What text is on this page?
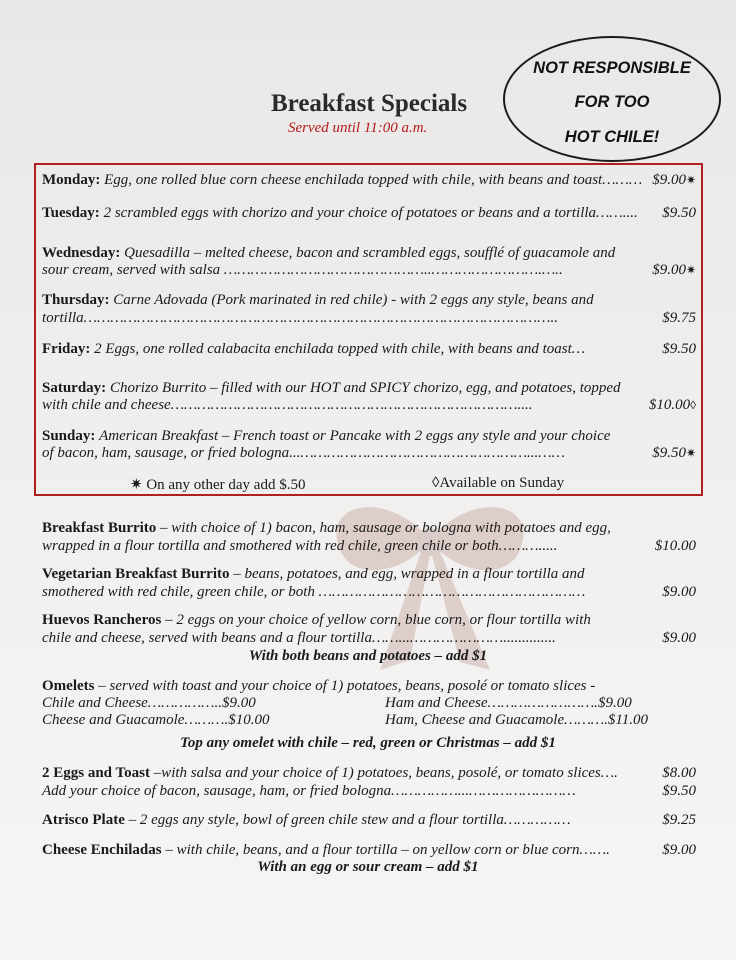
Breakfast Specials
Served until 11:00 a.m.
NOT RESPONSIBLE
FOR TOO
HOT CHILE!
Monday: Egg, one rolled blue corn cheese enchilada topped with chile, with beans and toast……… $9.00✷
Tuesday: 2 scrambled eggs with chorizo and your choice of potatoes or beans and a tortilla…….... $9.50
Wednesday: Quesadilla – melted cheese, bacon and scrambled eggs, soufflé of guacamole and
sour cream, served with salsa ………………………………………..…………………….…..	$9.00✷
Thursday: Carne Adovada (Pork marinated in red chile) - with 2 eggs any style, beans and
tortilla……………………………………………………………………………………………..	$9.75
Friday: 2 Eggs, one rolled calabacita enchilada topped with chile, with beans and toast…	$9.50
Saturday: Chorizo Burrito – filled with our HOT and SPICY chorizo, egg, and potatoes, topped
with chile and cheese……………………………………………………………………....	$10.00◊
Sunday: American Breakfast – French toast or Pancake with 2 eggs any style and your choice
of bacon, ham, sausage, or fried bologna...……………………………………………...……	$9.50✷
✷ On any other day add $.50	◊Available on Sunday
Breakfast Burrito – with choice of 1) bacon, ham, sausage or bologna with potatoes and egg,
wrapped in a flour tortilla and smothered with red chile, green chile or both……….....	$10.00
Vegetarian Breakfast Burrito – beans, potatoes, and egg, wrapped in a flour tortilla and
smothered with red chile, green chile, or both ……………………………………………………	$9.00
Huevos Rancheros – 2 eggs on your choice of yellow corn, blue corn, or flour tortilla with
chile and cheese, served with beans and a flour tortilla……...…………………..............	$9.00
With both beans and potatoes – add $1
Omelets – served with toast and your choice of 1) potatoes, beans, posolé or tomato slices -
Chile and Cheese……………..$9.00	Ham and Cheese…………………….$9.00
Cheese and Guacamole……….$10.00	Ham, Cheese and Guacamole……….$11.00
Top any omelet with chile – red, green or Christmas – add $1
2 Eggs and Toast –with salsa and your choice of 1) potatoes, beans, posolé, or tomato slices….	$8.00
Add your choice of bacon, sausage, ham, or fried bologna……………...……………………	$9.50
Atrisco Plate – 2 eggs any style, bowl of green chile stew and a flour tortilla……………	$9.25
Cheese Enchiladas – with chile, beans, and a flour tortilla – on yellow corn or blue corn…….	$9.00
With an egg or sour cream – add $1
